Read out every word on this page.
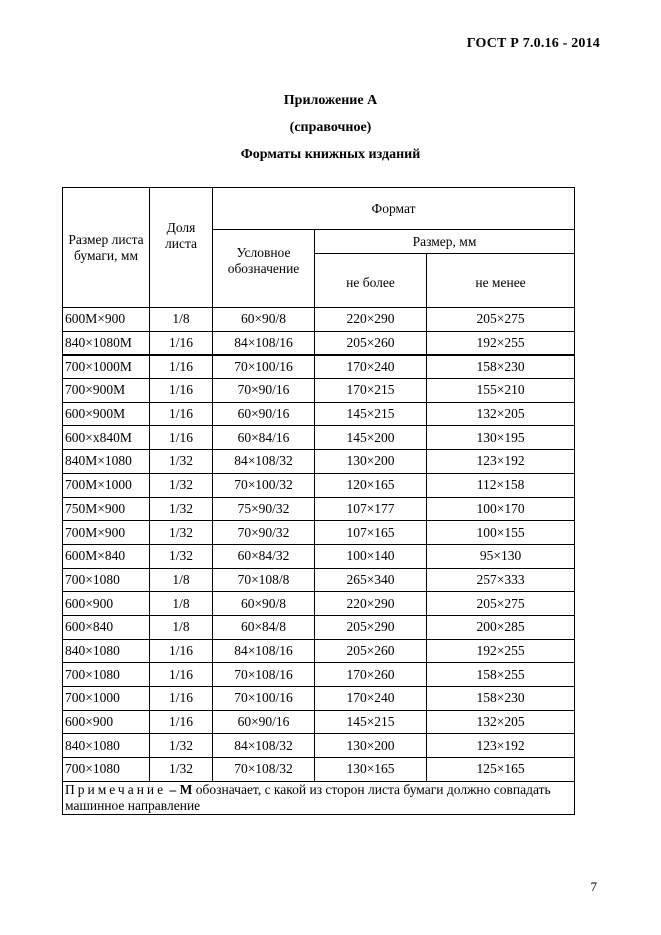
ГОСТ Р 7.0.16 - 2014
Приложение А
(справочное)
Форматы книжных изданий
Размер листа бумаги, мм	Доля листа	Формат		
		Условное обозначение	Размер, мм	
			не более	не менее
600М×900	1/8	60×90/8	220×290	205×275
840×1080М	1/16	84×108/16	205×260	192×255
700×1000М	1/16	70×100/16	170×240	158×230
700×900М	1/16	70×90/16	170×215	155×210
600×900М	1/16	60×90/16	145×215	132×205
600×х840М	1/16	60×84/16	145×200	130×195
840М×1080	1/32	84×108/32	130×200	123×192
700М×1000	1/32	70×100/32	120×165	112×158
750М×900	1/32	75×90/32	107×177	100×170
700М×900	1/32	70×90/32	107×165	100×155
600М×840	1/32	60×84/32	100×140	95×130
700×1080	1/8	70×108/8	265×340	257×333
600×900	1/8	60×90/8	220×290	205×275
600×840	1/8	60×84/8	205×290	200×285
840×1080	1/16	84×108/16	205×260	192×255
700×1080	1/16	70×108/16	170×260	158×255
700×1000	1/16	70×100/16	170×240	158×230
600×900	1/16	60×90/16	145×215	132×205
840×1080	1/32	84×108/32	130×200	123×192
700×1080	1/32	70×108/32	130×165	125×165
Примечание – М обозначает, с какой из сторон листа бумаги должно совпадать машинное направление				
7
